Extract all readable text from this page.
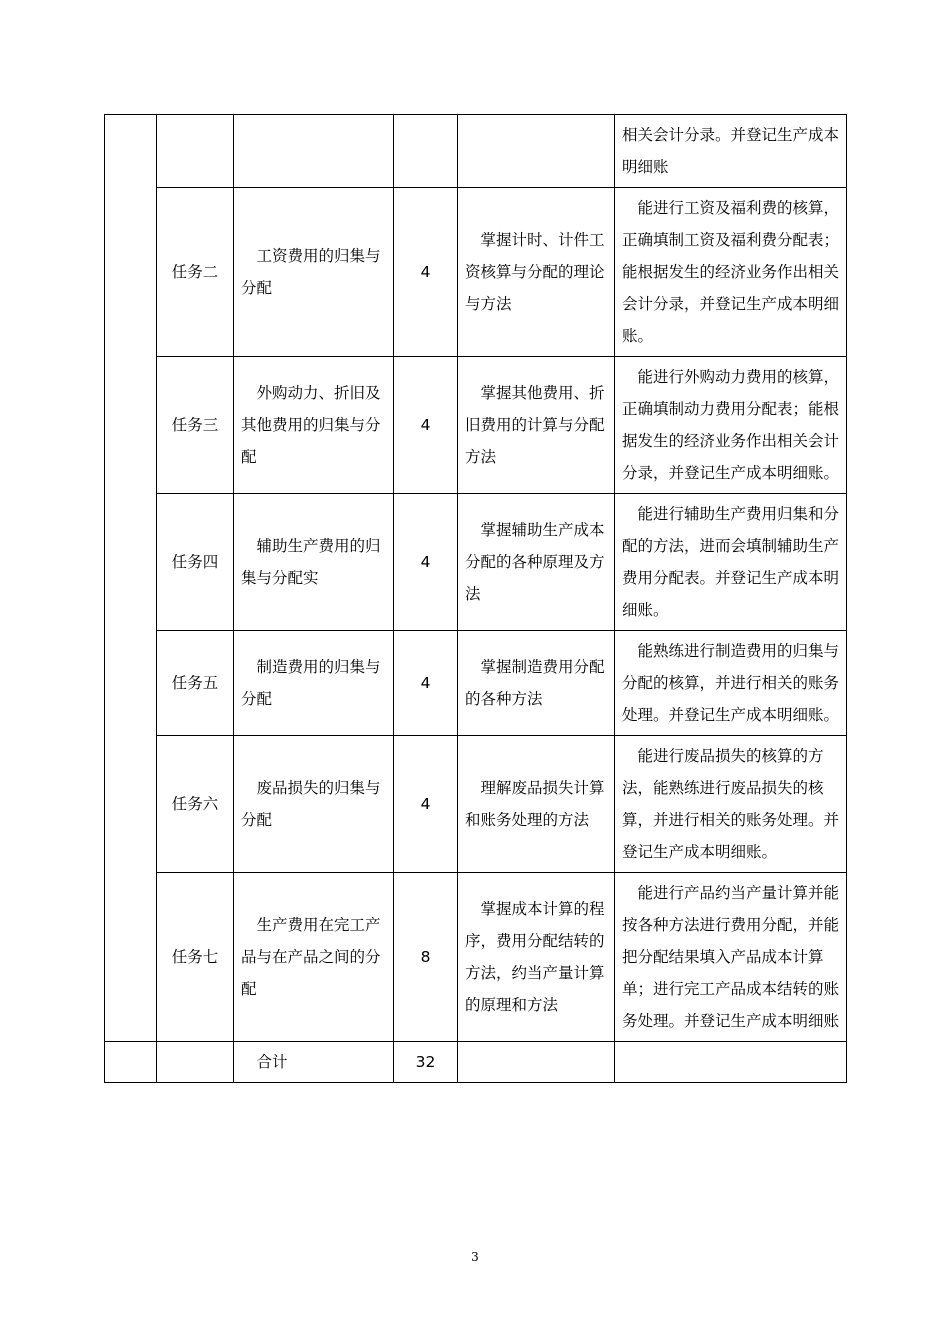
					相关会计分录。并登记生产成本明细账
	任务二	工资费用的归集与分配	4	掌握计时、计件工资核算与分配的理论与方法	能进行工资及福利费的核算，正确填制工资及福利费分配表；能根据发生的经济业务作出相关会计分录，并登记生产成本明细账。
	任务三	外购动力、折旧及其他费用的归集与分配	4	掌握其他费用、折旧费用的计算与分配方法	能进行外购动力费用的核算，正确填制动力费用分配表；能根据发生的经济业务作出相关会计分录，并登记生产成本明细账。
	任务四	辅助生产费用的归集与分配实	4	掌握辅助生产成本分配的各种原理及方法	能进行辅助生产费用归集和分配的方法，进而会填制辅助生产费用分配表。并登记生产成本明细账。
	任务五	制造费用的归集与分配	4	掌握制造费用分配的各种方法	能熟练进行制造费用的归集与分配的核算，并进行相关的账务处理。并登记生产成本明细账。
	任务六	废品损失的归集与分配	4	理解废品损失计算和账务处理的方法	能进行废品损失的核算的方法，能熟练进行废品损失的核算，并进行相关的账务处理。并登记生产成本明细账。
	任务七	生产费用在完工产品与在产品之间的分配	8	掌握成本计算的程序，费用分配结转的方法，约当产量计算的原理和方法	能进行产品约当产量计算并能按各种方法进行费用分配，并能把分配结果填入产品成本计算单；进行完工产品成本结转的账务处理。并登记生产成本明细账
		合计	32		
3
